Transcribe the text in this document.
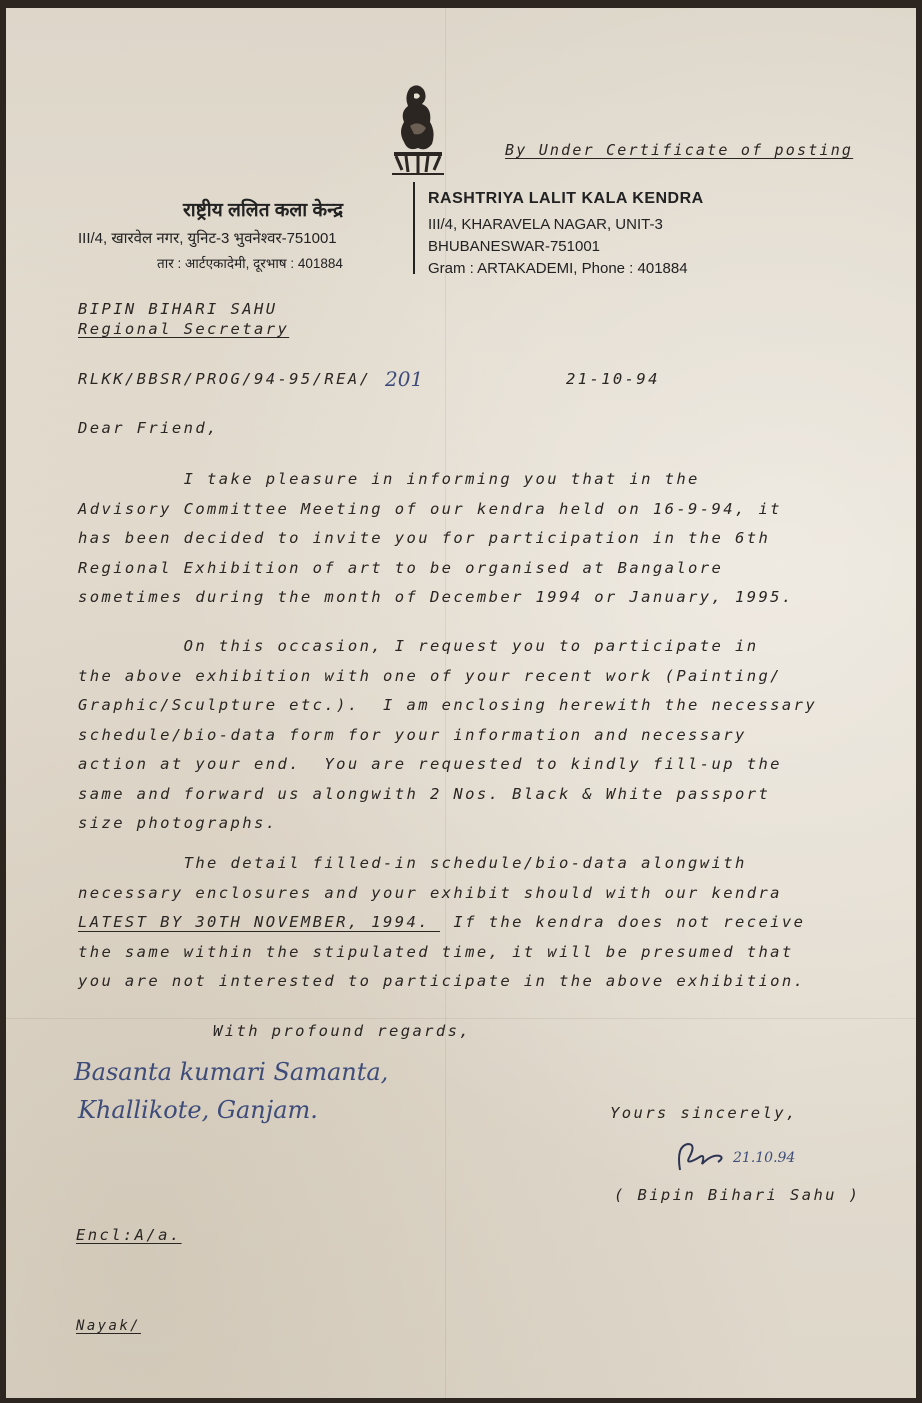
By Under Certificate of posting
राष्ट्रीय ललित कला केन्द्र
III/4, खारवेल नगर, युनिट-3 भुवनेश्वर-751001
तार : आर्टएकादेमी, दूरभाष : 401884
RASHTRIYA LALIT KALA KENDRA
III/4, KHARAVELA NAGAR, UNIT-3
BHUBANESWAR-751001
Gram : ARTAKADEMI, Phone : 401884
BIPIN BIHARI SAHU
Regional Secretary
RLKK/BBSR/PROG/94-95/REA/ 201	21-10-94
Dear Friend,
I take pleasure in informing you that in the
Advisory Committee Meeting of our kendra held on 16-9-94, it
has been decided to invite you for participation in the 6th
Regional Exhibition of art to be organised at Bangalore
sometimes during the month of December 1994 or January, 1995.
On this occasion, I request you to participate in
the above exhibition with one of your recent work (Painting/
Graphic/Sculpture etc.).  I am enclosing herewith the necessary
schedule/bio-data form for your information and necessary
action at your end.  You are requested to kindly fill-up the
same and forward us alongwith 2 Nos. Black & White passport
size photographs.
The detail filled-in schedule/bio-data alongwith
necessary enclosures and your exhibit should with our kendra
LATEST BY 30TH NOVEMBER, 1994.  If the kendra does not receive
the same within the stipulated time, it will be presumed that
you are not interested to participate in the above exhibition.
With profound regards,
Basanta kumari Samanta,
Khallikote, Ganjam.	Yours sincerely,
21.10.94
( Bipin Bihari Sahu )
Encl:A/a.
Nayak/
